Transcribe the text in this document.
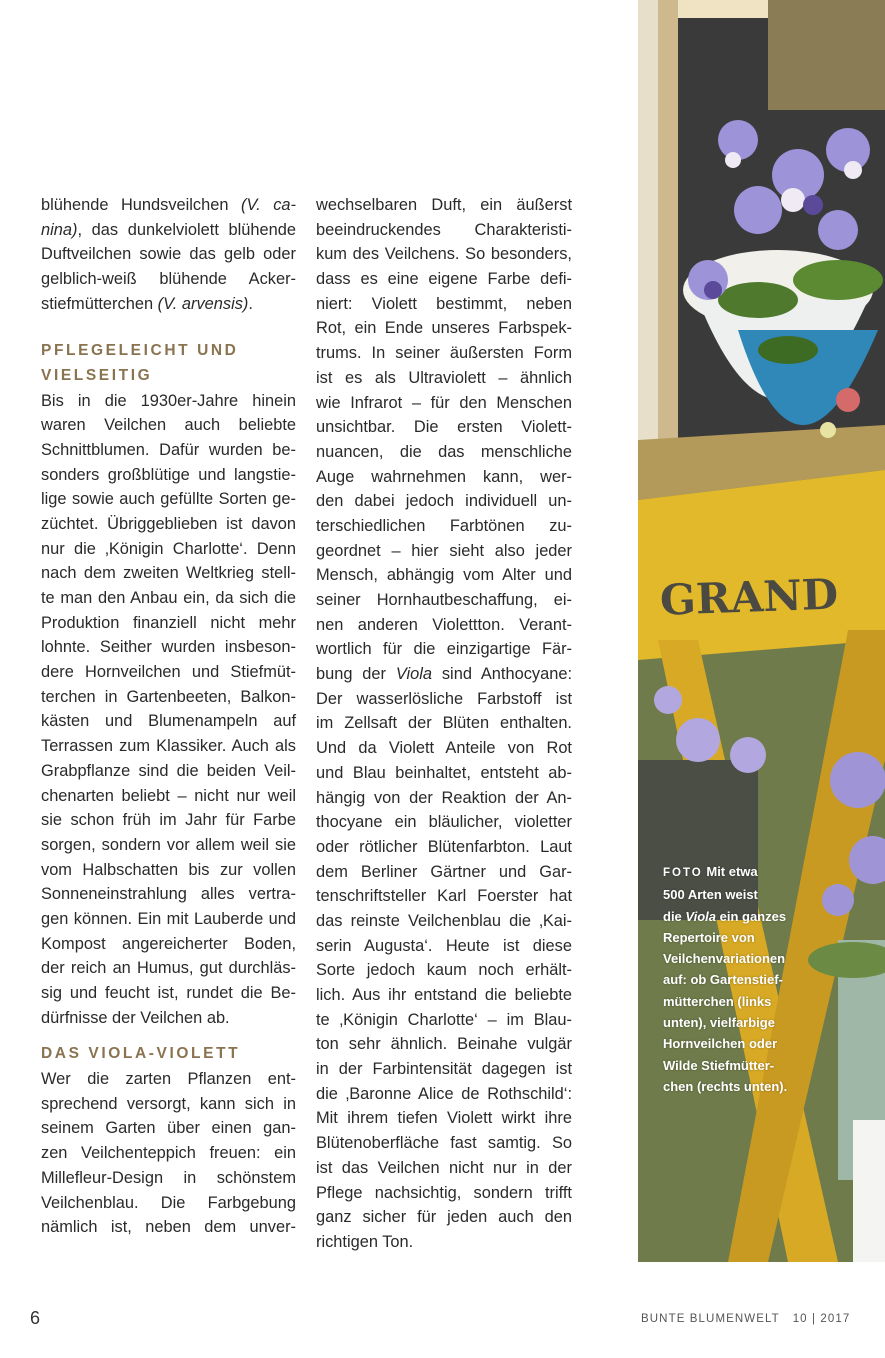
blühende Hundsveilchen (V. ca-
nina), das dunkelviolett blühende
Duftveilchen sowie das gelb oder
gelblich-weiß blühende Acker-
stiefmütterchen (V. arvensis).
PFLEGELEICHT UND
VIELSEITIG
Bis in die 1930er-Jahre hinein
waren Veilchen auch beliebte
Schnittblumen. Dafür wurden be-
sonders großblütige und langstie-
lige sowie auch gefüllte Sorten ge-
züchtet. Übriggeblieben ist davon
nur die ‚Königin Charlotte‘. Denn
nach dem zweiten Weltkrieg stell-
te man den Anbau ein, da sich die
Produktion finanziell nicht mehr
lohnte. Seither wurden insbeson-
dere Hornveilchen und Stiefmüt-
terchen in Gartenbeeten, Balkon-
kästen und Blumenampeln auf
Terrassen zum Klassiker. Auch als
Grabpflanze sind die beiden Veil-
chenarten beliebt – nicht nur weil
sie schon früh im Jahr für Farbe
sorgen, sondern vor allem weil sie
vom Halbschatten bis zur vollen
Sonneneinstrahlung alles vertra-
gen können. Ein mit Lauberde und
Kompost angereicherter Boden,
der reich an Humus, gut durchläs-
sig und feucht ist, rundet die Be-
dürfnisse der Veilchen ab.
DAS VIOLA-VIOLETT
Wer die zarten Pflanzen ent-
sprechend versorgt, kann sich in
seinem Garten über einen gan-
zen Veilchenteppich freuen: ein
Millefleur-Design in schönstem
Veilchenblau. Die Farbgebung
nämlich ist, neben dem unver-
wechselbaren Duft, ein äußerst
beeindruckendes Charakteristi-
kum des Veilchens. So besonders,
dass es eine eigene Farbe defi-
niert: Violett bestimmt, neben
Rot, ein Ende unseres Farbspek-
trums. In seiner äußersten Form
ist es als Ultraviolett – ähnlich
wie Infrarot – für den Menschen
unsichtbar. Die ersten Violett-
nuancen, die das menschliche
Auge wahrnehmen kann, wer-
den dabei jedoch individuell un-
terschiedlichen Farbtönen zu-
geordnet – hier sieht also jeder
Mensch, abhängig vom Alter und
seiner Hornhautbeschaffung, ei-
nen anderen Violettton. Verant-
wortlich für die einzigartige Fär-
bung der Viola sind Anthocyane:
Der wasserlösliche Farbstoff ist
im Zellsaft der Blüten enthalten.
Und da Violett Anteile von Rot
und Blau beinhaltet, entsteht ab-
hängig von der Reaktion der An-
thocyane ein bläulicher, violetter
oder rötlicher Blütenfarbton. Laut
dem Berliner Gärtner und Gar-
tenschriftsteller Karl Foerster hat
das reinste Veilchenblau die ‚Kai-
serin Augusta‘. Heute ist diese
Sorte jedoch kaum noch erhält-
lich. Aus ihr entstand die beliebte
te ‚Königin Charlotte‘ – im Blau-
ton sehr ähnlich. Beinahe vulgär
in der Farbintensität dagegen ist
die ‚Baronne Alice de Rothschild‘:
Mit ihrem tiefen Violett wirkt ihre
Blütenoberfläche fast samtig. So
ist das Veilchen nicht nur in der
Pflege nachsichtig, sondern trifft
ganz sicher für jeden auch den
richtigen Ton.
GRAND
FOTO Mit etwa
500 Arten weist
die Viola ein ganzes
Repertoire von
Veilchenvariationen
auf: ob Gartenstief-
mütterchen (links
unten), vielfarbige
Hornveilchen oder
Wilde Stiefmütter-
chen (rechts unten).
6	BUNTE BLUMENWELT 10 | 2017
